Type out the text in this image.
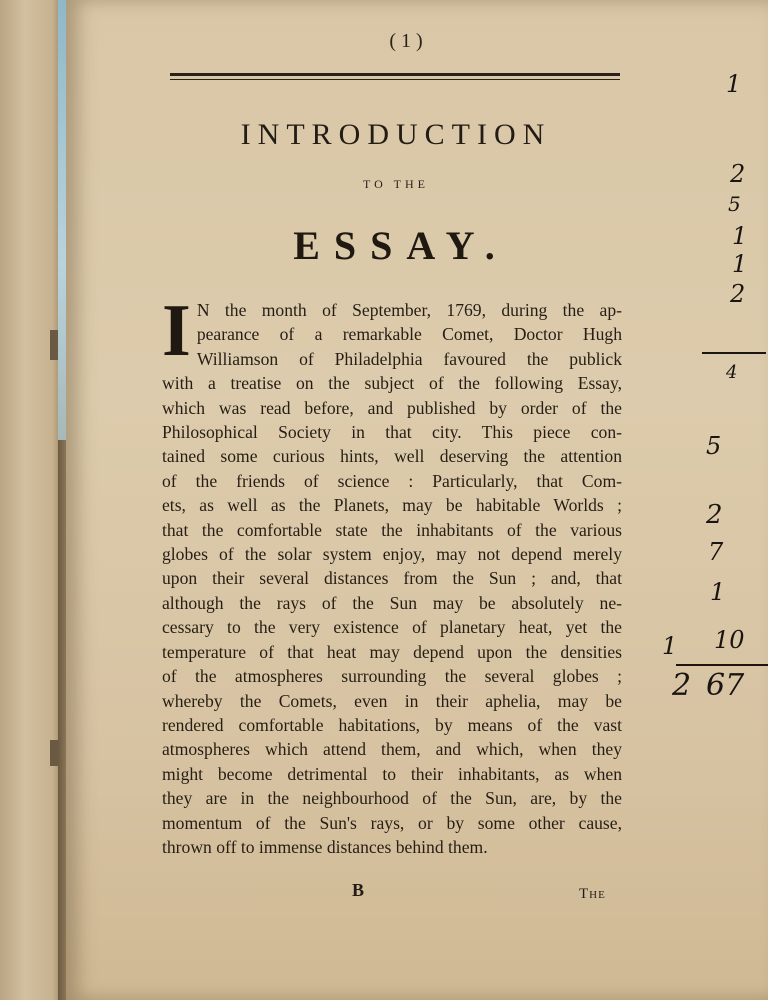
( 1 )
INTRODUCTION
TO THE
ESSAY.
I N the month of September, 1769, during the ap-
pearance of a remarkable Comet, Doctor Hugh
Williamson of Philadelphia favoured the publick
with a treatise on the subject of the following Essay,
which was read before, and published by order of the
Philosophical Society in that city. This piece con-
tained some curious hints, well deserving the attention
of the friends of science : Particularly, that Com-
ets, as well as the Planets, may be habitable Worlds ;
that the comfortable state the inhabitants of the various
globes of the solar system enjoy, may not depend merely
upon their several distances from the Sun ; and, that
although the rays of the Sun may be absolutely ne-
cessary to the very existence of planetary heat, yet the
temperature of that heat may depend upon the densities
of the atmospheres surrounding the several globes ;
whereby the Comets, even in their aphelia, may be
rendered comfortable habitations, by means of the vast
atmospheres which attend them, and which, when they
might become detrimental to their inhabitants, as when
they are in the neighbourhood of the Sun, are, by the
momentum of the Sun's rays, or by some other cause,
thrown off to immense distances behind them.
B	The
1
2
5
1
1
2
4
5
2
7
1
1 10
2 67
